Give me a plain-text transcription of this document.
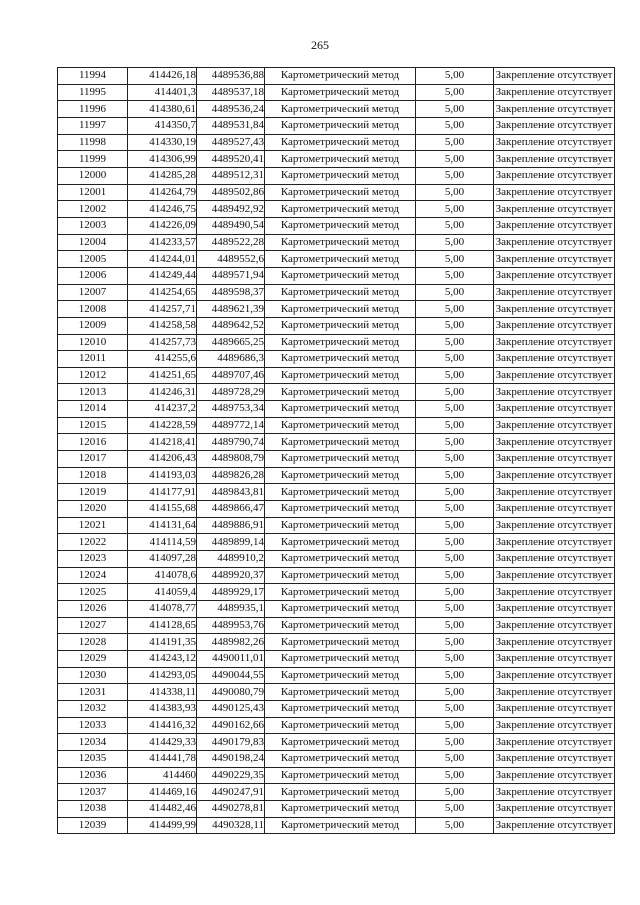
265
11994	414426,18	4489536,88	Картометрический метод	5,00	Закрепление отсутствует
11995	414401,3	4489537,18	Картометрический метод	5,00	Закрепление отсутствует
11996	414380,61	4489536,24	Картометрический метод	5,00	Закрепление отсутствует
11997	414350,7	4489531,84	Картометрический метод	5,00	Закрепление отсутствует
11998	414330,19	4489527,43	Картометрический метод	5,00	Закрепление отсутствует
11999	414306,99	4489520,41	Картометрический метод	5,00	Закрепление отсутствует
12000	414285,28	4489512,31	Картометрический метод	5,00	Закрепление отсутствует
12001	414264,79	4489502,86	Картометрический метод	5,00	Закрепление отсутствует
12002	414246,75	4489492,92	Картометрический метод	5,00	Закрепление отсутствует
12003	414226,09	4489490,54	Картометрический метод	5,00	Закрепление отсутствует
12004	414233,57	4489522,28	Картометрический метод	5,00	Закрепление отсутствует
12005	414244,01	4489552,6	Картометрический метод	5,00	Закрепление отсутствует
12006	414249,44	4489571,94	Картометрический метод	5,00	Закрепление отсутствует
12007	414254,65	4489598,37	Картометрический метод	5,00	Закрепление отсутствует
12008	414257,71	4489621,39	Картометрический метод	5,00	Закрепление отсутствует
12009	414258,58	4489642,52	Картометрический метод	5,00	Закрепление отсутствует
12010	414257,73	4489665,25	Картометрический метод	5,00	Закрепление отсутствует
12011	414255,6	4489686,3	Картометрический метод	5,00	Закрепление отсутствует
12012	414251,65	4489707,46	Картометрический метод	5,00	Закрепление отсутствует
12013	414246,31	4489728,29	Картометрический метод	5,00	Закрепление отсутствует
12014	414237,2	4489753,34	Картометрический метод	5,00	Закрепление отсутствует
12015	414228,59	4489772,14	Картометрический метод	5,00	Закрепление отсутствует
12016	414218,41	4489790,74	Картометрический метод	5,00	Закрепление отсутствует
12017	414206,43	4489808,79	Картометрический метод	5,00	Закрепление отсутствует
12018	414193,03	4489826,28	Картометрический метод	5,00	Закрепление отсутствует
12019	414177,91	4489843,81	Картометрический метод	5,00	Закрепление отсутствует
12020	414155,68	4489866,47	Картометрический метод	5,00	Закрепление отсутствует
12021	414131,64	4489886,91	Картометрический метод	5,00	Закрепление отсутствует
12022	414114,59	4489899,14	Картометрический метод	5,00	Закрепление отсутствует
12023	414097,28	4489910,2	Картометрический метод	5,00	Закрепление отсутствует
12024	414078,6	4489920,37	Картометрический метод	5,00	Закрепление отсутствует
12025	414059,4	4489929,17	Картометрический метод	5,00	Закрепление отсутствует
12026	414078,77	4489935,1	Картометрический метод	5,00	Закрепление отсутствует
12027	414128,65	4489953,76	Картометрический метод	5,00	Закрепление отсутствует
12028	414191,35	4489982,26	Картометрический метод	5,00	Закрепление отсутствует
12029	414243,12	4490011,01	Картометрический метод	5,00	Закрепление отсутствует
12030	414293,05	4490044,55	Картометрический метод	5,00	Закрепление отсутствует
12031	414338,11	4490080,79	Картометрический метод	5,00	Закрепление отсутствует
12032	414383,93	4490125,43	Картометрический метод	5,00	Закрепление отсутствует
12033	414416,32	4490162,66	Картометрический метод	5,00	Закрепление отсутствует
12034	414429,33	4490179,83	Картометрический метод	5,00	Закрепление отсутствует
12035	414441,78	4490198,24	Картометрический метод	5,00	Закрепление отсутствует
12036	414460	4490229,35	Картометрический метод	5,00	Закрепление отсутствует
12037	414469,16	4490247,91	Картометрический метод	5,00	Закрепление отсутствует
12038	414482,46	4490278,81	Картометрический метод	5,00	Закрепление отсутствует
12039	414499,99	4490328,11	Картометрический метод	5,00	Закрепление отсутствует
